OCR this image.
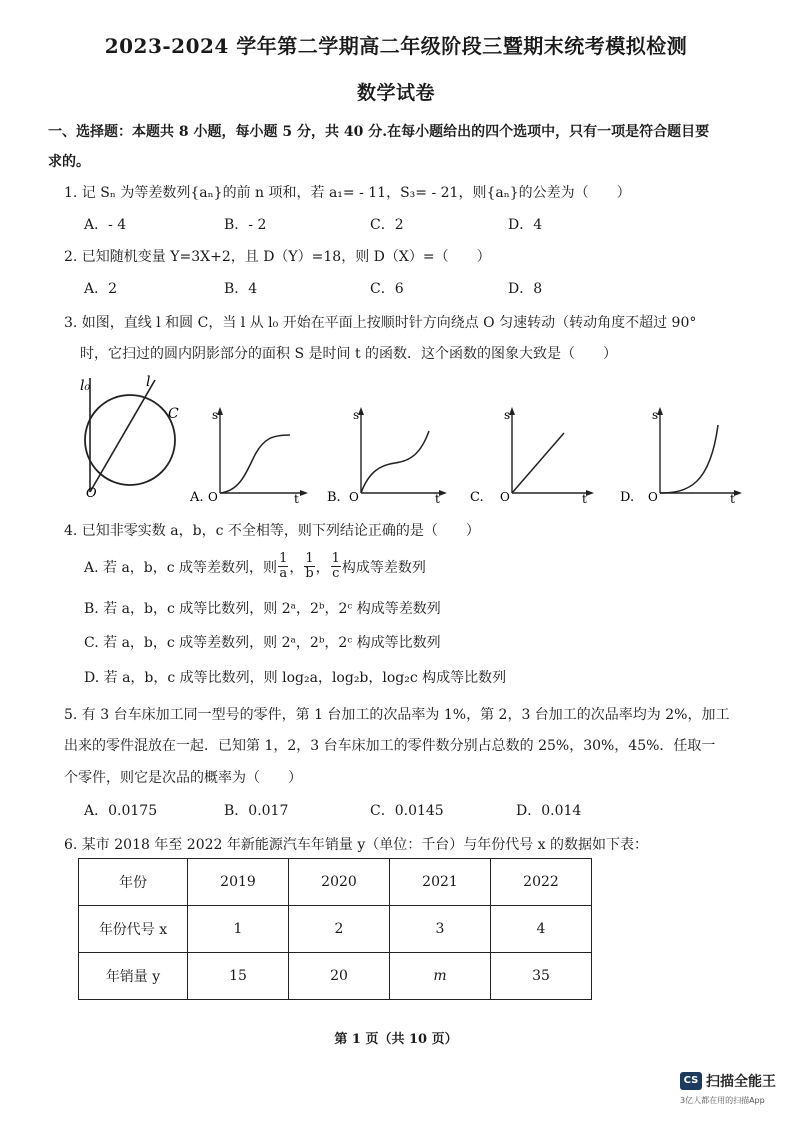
2023-2024 学年第二学期高二年级阶段三暨期末统考模拟检测
数学试卷
一、选择题：本题共 8 小题，每小题 5 分，共 40 分.在每小题给出的四个选项中，只有一项是符合题目要
求的。
1. 记 Sₙ 为等差数列{aₙ}的前 n 项和，若 a₁= - 11，S₃= - 21，则{aₙ}的公差为（　　）
A．- 4	B．- 2	C．2	D．4
2. 已知随机变量 Y=3X+2，且 D（Y）=18，则 D（X）=（　　）
A．2	B．4	C．6	D．8
3. 如图，直线 l 和圆 C，当 l 从 l₀ 开始在平面上按顺时针方向绕点 O 匀速转动（转动角度不超过 90°
时，它扫过的圆内阴影部分的面积 S 是时间 t 的函数．这个函数的图象大致是（　　）
l₀	l
C
O
s
t
O
A.
s
t
O
B.
s
t
O
C.
s
t
O
D.
4. 已知非零实数 a，b，c 不全相等，则下列结论正确的是（　　）
A. 若 a，b，c 成等差数列，则 $\frac{1}{a}$ ， $\frac{1}{b}$ ， $\frac{1}{c}$ 构成等差数列
B. 若 a，b，c 成等比数列，则 2ᵃ，2ᵇ，2ᶜ 构成等差数列
C. 若 a，b，c 成等差数列，则 2ᵃ，2ᵇ，2ᶜ 构成等比数列
D. 若 a，b，c 成等比数列，则 log₂a，log₂b，log₂c 构成等比数列
5. 有 3 台车床加工同一型号的零件，第 1 台加工的次品率为 1%，第 2，3 台加工的次品率均为 2%，加工
出来的零件混放在一起．已知第 1，2，3 台车床加工的零件数分别占总数的 25%，30%，45%．任取一
个零件，则它是次品的概率为（　　）
A．0.0175	B．0.017	C．0.0145	D．0.014
6. 某市 2018 年至 2022 年新能源汽车年销量 y（单位：千台）与年份代号 x 的数据如下表：
年份	2019	2020	2021	2022
年份代号 x	1	2	3	4
年销量 y	15	20	m	35
第 1 页（共 10 页）
CS 扫描全能王
3亿人都在用的扫描App
